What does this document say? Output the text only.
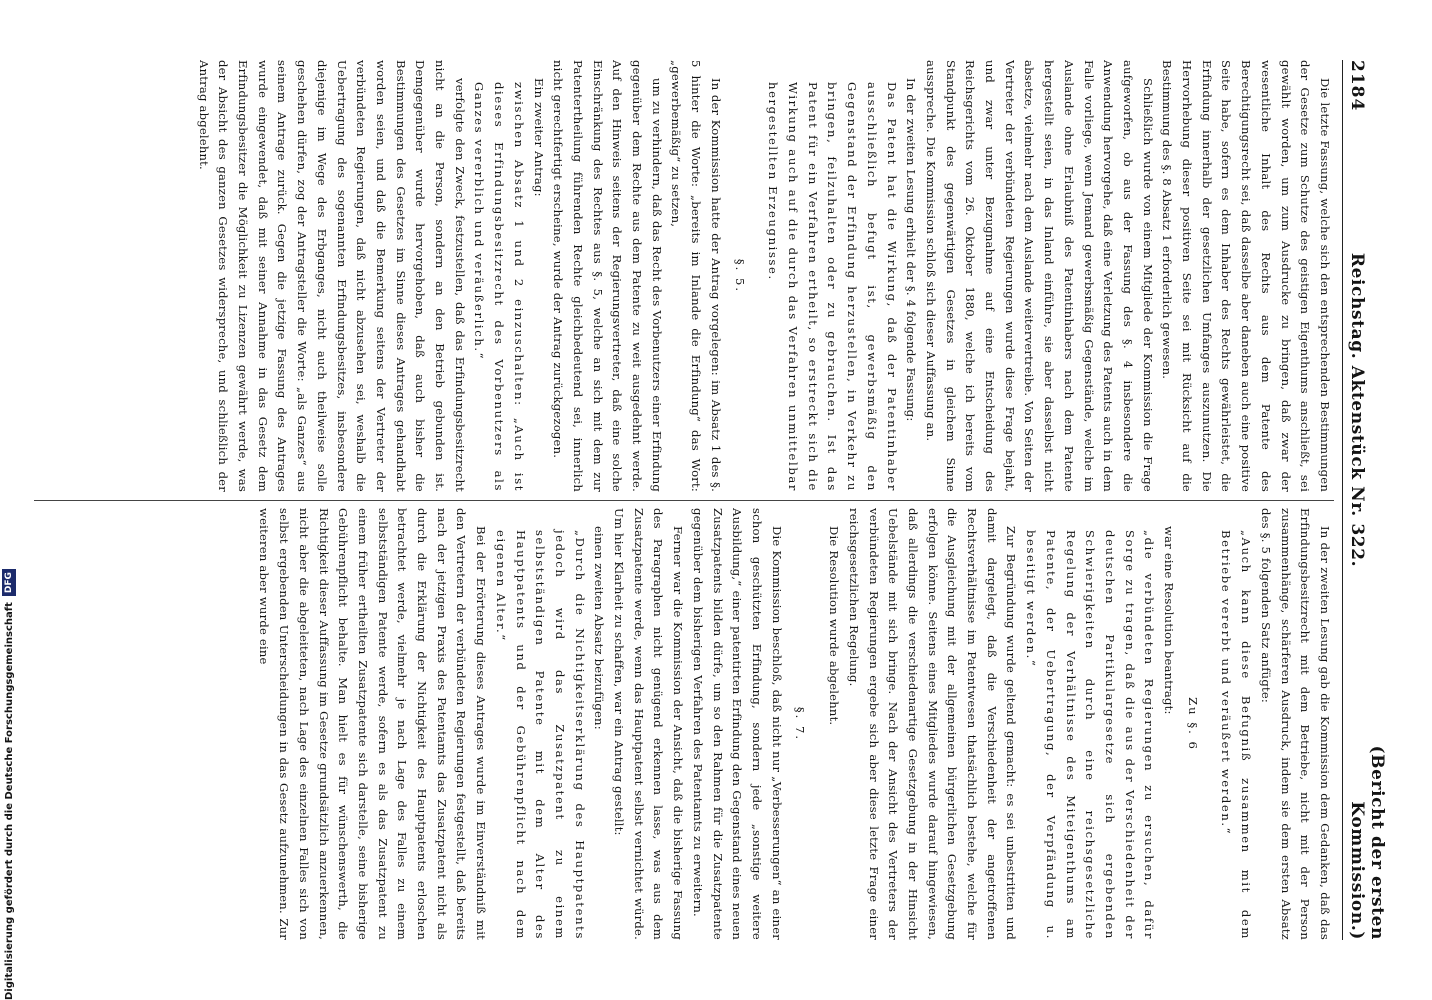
2184
Reichstag. Aktenstück Nr. 322.
(Bericht der ersten Kommission.)

Die letzte Fassung, welche sich den entsprechenden Bestimmungen der Gesetze zum Schutze des geistigen Eigenthums anschließt, sei gewählt worden, um zum Ausdrucke zu bringen, daß zwar der wesentliche Inhalt des Rechts aus dem Patente des Berechtigungsrecht sei, daß dasselbe aber daneben auch eine positive Seite habe, sofern es dem Inhaber des Rechts gewährleistet, die Erfindung innerhalb der gesetzlichen Umfanges auszunutzen. Die Hervorhebung dieser positiven Seite sei mit Rücksicht auf die Bestimmung des §. 8 Absatz 1 erforderlich gewesen.

Schließlich wurde von einem Mitgliede der Kommission die Frage aufgeworfen, ob aus der Fassung des §. 4 insbesondere die Anwendung hervorgehe, daß eine Verletzung des Patents auch in dem Falle vorliege, wenn Jemand gewerbsmäßig Gegenstände, welche im Auslande ohne Erlaubniß des Patentinhabers nach dem Patente hergestellt seien, in das Inland einführe, sie aber dasselbst nicht absetze, vielmehr nach dem Auslande weitervertreibe. Von Seiten der Vertreter der verbündeten Regierungen wurde diese Frage bejaht, und zwar unter Bezugnahme auf eine Entscheidung des Reichsgerichts vom 26. Oktober 1880, welche ich bereits vom Standpunkt des gegenwärtigen Gesetzes in gleichem Sinne ausspreche. Die Kommission schloß sich dieser Auffassung an.

In der zweiten Lesung erhielt der §. 4 folgende Fassung:

Das Patent hat die Wirkung, daß der Patentinhaber ausschließlich befugt ist, gewerbsmäßig den Gegenstand der Erfindung herzustellen, in Verkehr zu bringen, feilzuhalten oder zu gebrauchen. Ist das Patent für ein Verfahren ertheilt, so erstreckt sich die Wirkung auch auf die durch das Verfahren unmittelbar hergestellten Erzeugnisse.

§. 5.

In der Kommission hatte der Antrag vorgelegen: im Absatz 1 des §. 5 hinter die Worte: „bereits im Inlande die Erfindung“ das Wort: „gewerbemäßig“ zu setzen,

um zu verhindern, daß das Recht des Vorbenutzers einer Erfindung gegenüber dem Rechte aus dem Patente zu weit ausgedehnt werde. Auf den Hinweis seitens der Regierungsvertreter, daß eine solche Einschränkung des Rechtes aus §. 5, welche an sich mit dem zur Patentertheilung führenden Rechte gleichbedeutend sei, innerlich nicht gerechtfertigt erscheine, wurde der Antrag zurückgezogen.

Ein zweiter Antrag:

zwischen Absatz 1 und 2 einzuschalten: „Auch ist dieses Erfindungsbesitzrecht des Vorbenutzers als Ganzes vererblich und veräußerlich.“

verfolgte den Zweck, festzustellen, daß das Erfindungsbesitzrecht nicht an die Person, sondern an den Betrieb gebunden ist. Demgegenüber wurde hervorgehoben, daß auch bisher die Bestimmungen des Gesetzes im Sinne dieses Antrages gehandhabt worden seien, und daß die Bemerkung seitens der Vertreter der verbündeten Regierungen, daß nicht abzusehen sei, weshalb die Uebertragung des sogenannten Erfindungsbesitzes, insbesondere diejenige im Wege des Erbganges, nicht auch theilweise solle geschehen dürfen, zog der Antragsteller die Worte: „als Ganzes“ aus seinem Antrage zurück. Gegen die jetzige Fassung des Antrages wurde eingewendet, daß mit seiner Annahme in das Gesetz dem Erfindungsbesitzer die Möglichkeit zu Lizenzen gewährt werde, was der Absicht des ganzen Gesetzes widerspreche, und schließlich der Antrag abgelehnt.

In der zweiten Lesung gab die Kommission dem Gedanken, daß das Erfindungsbesitzrecht mit dem Betriebe, nicht mit der Person zusammenhänge, schärferen Ausdruck, indem sie dem ersten Absatz des §. 5 folgenden Satz anfügte:

„Auch kann diese Befugniß zusammen mit dem Betriebe vererbt und veräußert werden.“

Zu §. 6

war eine Resolution beantragt:

„die verbündeten Regierungen zu ersuchen, dafür Sorge zu tragen, daß die aus der Verschiedenheit der deutschen Partikulargesetze sich ergebenden Schwierigkeiten durch eine reichsgesetzliche Regelung der Verhältnisse des Miteigenthums am Patente, der Uebertragung, der Verpfändung u. beseitigt werden.“

Zur Begründung wurde geltend gemacht: es sei unbestritten und damit dargelegt, daß die Verschiedenheit der angetroffenen Rechtsverhältnisse im Patentwesen thatsächlich bestehe, welche für die Ausgleichung mit der allgemeinen bürgerlichen Gesetzgebung erfolgen könne. Seitens eines Mitgliedes wurde darauf hingewiesen, daß allerdings die verschiedenartige Gesetzgebung in der Hinsicht Uebelstände mit sich bringe. Nach der Ansicht des Vertreters der verbündeten Regierungen ergebe sich aber diese letzte Frage einer reichsgesetzlichen Regelung.

Die Resolution wurde abgelehnt.

§. 7.

Die Kommission beschloß, daß nicht nur „Verbesserungen“ an einer schon geschützten Erfindung, sondern jede „sonstige weitere Ausbildung,“ einer patentirten Erfindung den Gegenstand eines neuen Zusatzpatents bilden dürfe, um so den Rahmen für die Zusatzpatente gegenüber dem bisherigen Verfahren des Patentamts zu erweitern.

Ferner war die Kommission der Ansicht, daß die bisherige Fassung des Paragraphen nicht genügend erkennen lasse, was aus dem Zusatzpatente werde, wenn das Hauptpatent selbst vernichtet würde. Um hier Klarheit zu schaffen, war ein Antrag gestellt:

einen zweiten Absatz beizufügen:

„Durch die Nichtigkeitserklärung des Hauptpatents jedoch wird das Zusatzpatent zu einem selbstständigen Patente mit dem Alter des Hauptpatents und der Gebührenpflicht nach dem eigenen Alter.“

Bei der Erörterung dieses Antrages wurde im Einverständniß mit den Vertretern der verbündeten Regierungen festgestellt, daß bereits nach der jetzigen Praxis des Patentamts das Zusatzpatent nicht als durch die Erklärung der Nichtigkeit des Hauptpatents erloschen betrachtet werde, vielmehr je nach Lage des Falles zu einem selbstständigen Patente werde, sofern es als das Zusatzpatent zu einem früher ertheilten Zusatzpatente sich darstelle, seine bisherige Gebührenpflicht behalte. Man hielt es für wünschenswerth, die Richtigkeit dieser Auffassung im Gesetze grundsätzlich anzuerkennen, nicht aber die abgeleiteten, nach Lage des einzelnen Falles sich von selbst ergebenden Unterscheidungen in das Gesetz aufzunehmen. Zur weiteren aber wurde eine

Digitalisierung gefördert durch die Deutsche Forschungsgemeinschaft
DFG
